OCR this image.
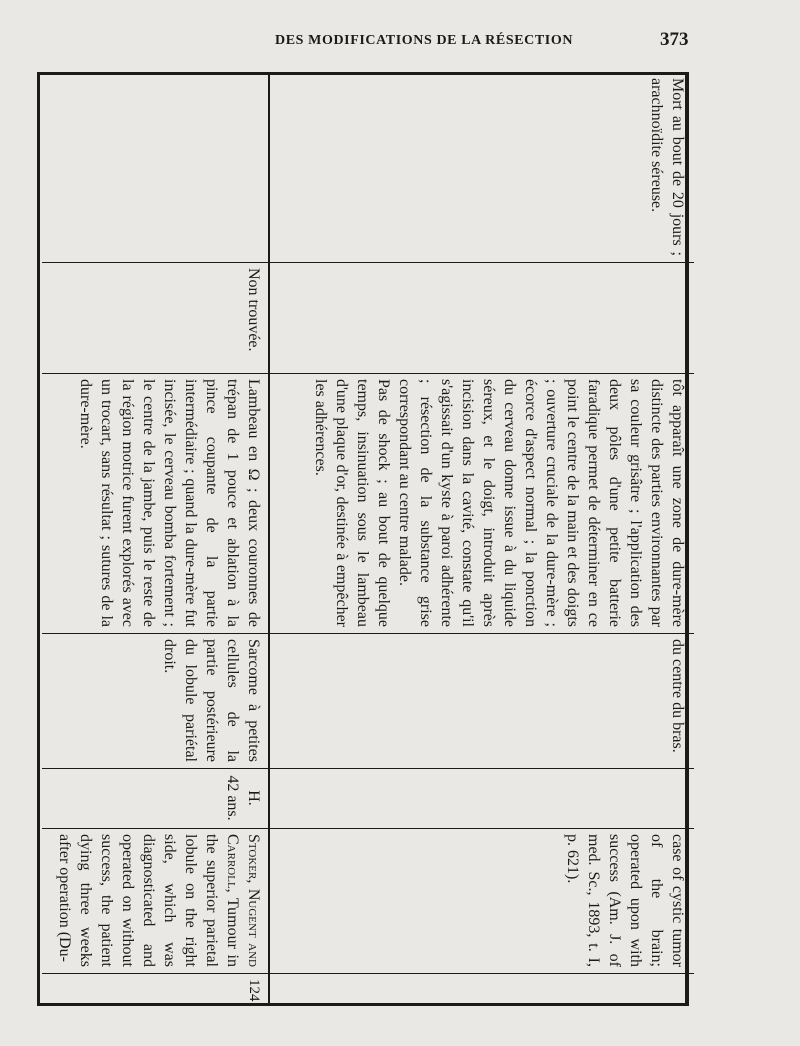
DES MODIFICATIONS DE LA RÉSECTION	373
case of cystic tumor of the brain; operated upon with success (Am. J. of med. Sc., 1893, t. I, p. 621).
du centre du bras.
tôt apparaît une zone de dure-mère distincte des parties environnantes par sa couleur grisâtre ; l'application des deux pôles d'une petite batterie faradique permet de déterminer en ce point le centre de la main et des doigts ; ouverture cruciale de la dure-mère ; écorce d'aspect normal ; la ponction du cerveau donne issue à du liquide séreux, et le doigt, introduit après incision dans la cavité, constate qu'il s'agissait d'un kyste à paroi adhérente ; résection de la substance grise correspondant au centre malade.
Pas de shock ; au bout de quelque temps, insinuation sous le lambeau d'une plaque d'or, destinée à empêcher les adhérences.
Mort au bout de 20 jours ; arachnoïdite séreuse.
124
Stoker, Nugent and Carroll, Tumour in the superior parietal lobule on the right side, which was diagnosticated and operated on without success, the patient dying three weeks after operation (Du-
H.
42 ans.
Sarcome à petites cellules de la partie postérieure du lobule pariétal droit.
Lambeau en Ω ; deux couronnes de trépan de 1 pouce et ablation à la pince coupante de la partie intermédiaire ; quand la dure-mère fut incisée, le cerveau bomba fortement ; le centre de la jambe, puis le reste de la région motrice furent explorés avec un trocart, sans résultat ; sutures de la dure-mère.
Non trouvée.
